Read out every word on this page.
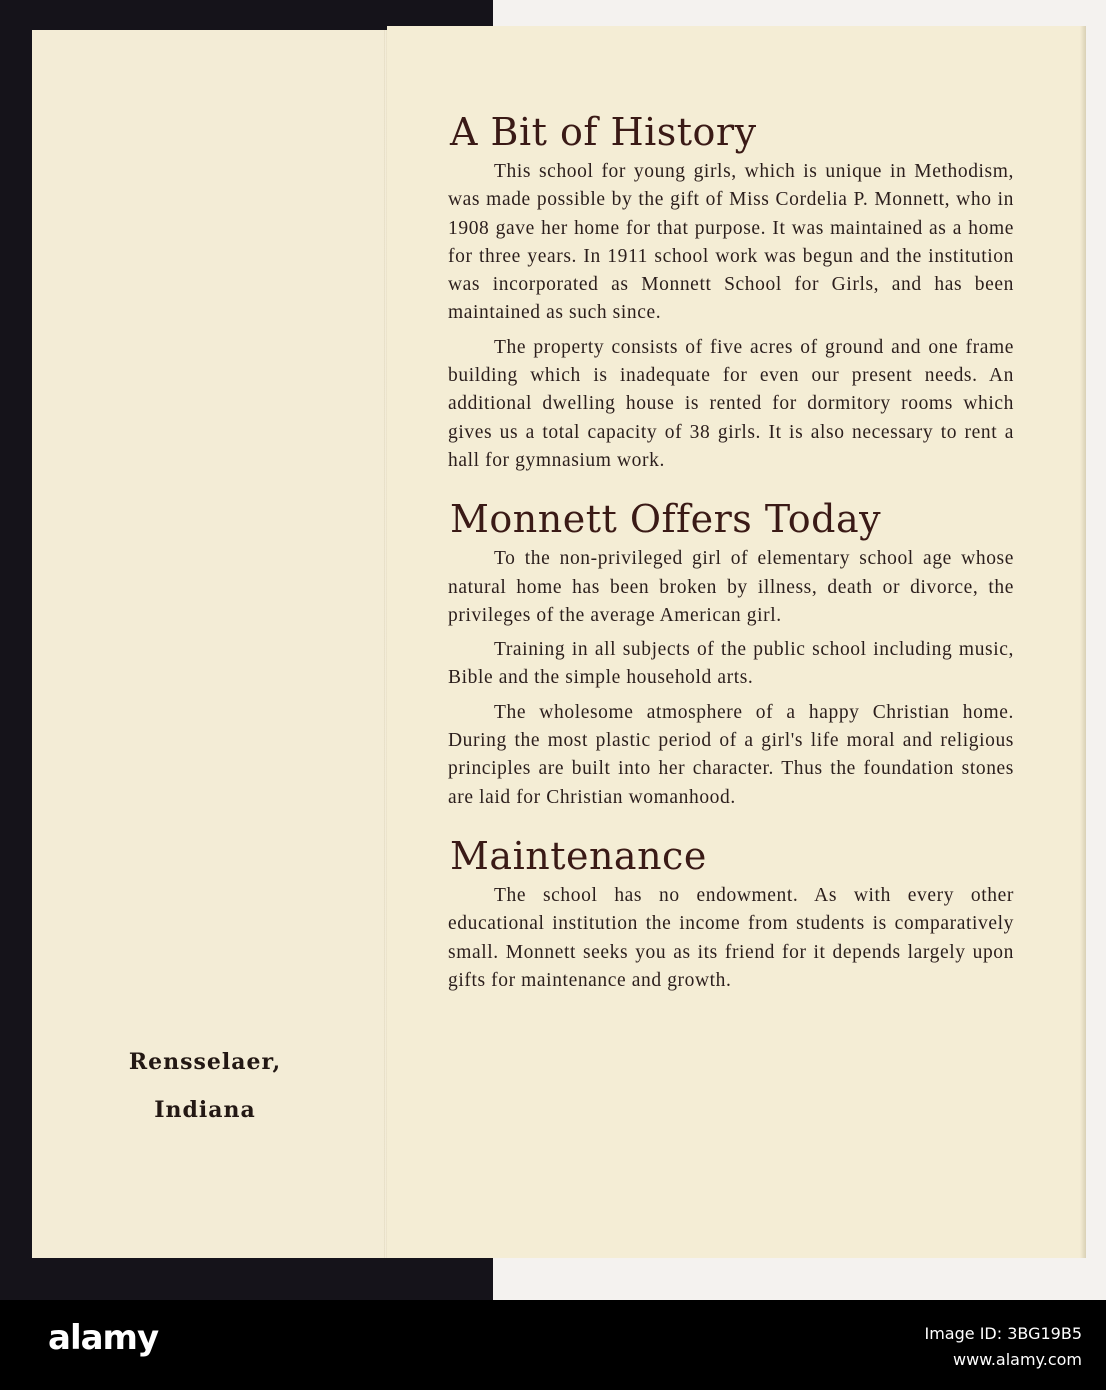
Rensselaer,
Indiana
A Bit of History

This school for young girls, which is unique in Methodism, was made possible by the gift of Miss Cordelia P. Monnett, who in 1908 gave her home for that purpose. It was maintained as a home for three years. In 1911 school work was begun and the institution was incorporated as Monnett School for Girls, and has been maintained as such since.

The property consists of five acres of ground and one frame building which is inadequate for even our present needs. An additional dwelling house is rented for dormitory rooms which gives us a total capacity of 38 girls. It is also necessary to rent a hall for gymnasium work.

Monnett Offers Today

To the non-privileged girl of elementary school age whose natural home has been broken by illness, death or divorce, the privileges of the average American girl.

Training in all subjects of the public school including music, Bible and the simple household arts.

The wholesome atmosphere of a happy Christian home. During the most plastic period of a girl's life moral and religious principles are built into her character. Thus the foundation stones are laid for Christian womanhood.

Maintenance

The school has no endowment. As with every other educational institution the income from students is comparatively small. Monnett seeks you as its friend for it depends largely upon gifts for maintenance and growth.

alamy	Image ID: 3BG19B5
www.alamy.com
